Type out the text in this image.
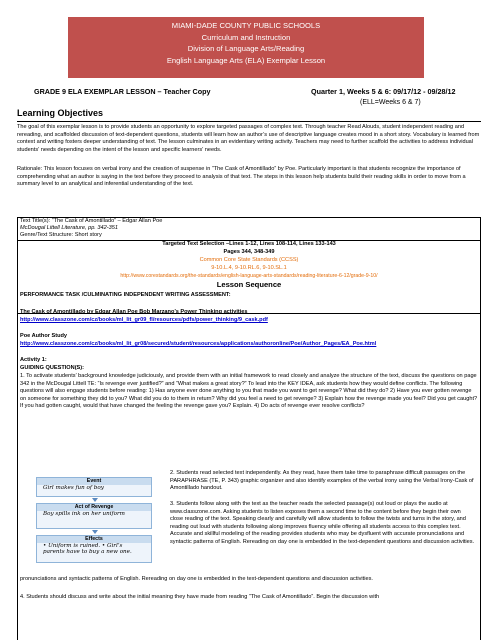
MIAMI-DADE COUNTY PUBLIC SCHOOLS
Curriculum and Instruction
Division of Language Arts/Reading
English Language Arts (ELA) Exemplar Lesson
GRADE 9 ELA EXEMPLAR LESSON – Teacher Copy	Quarter 1, Weeks 5 & 6: 09/17/12 - 09/28/12
(ELL=Weeks 6 & 7)
Learning Objectives

The goal of this exemplar lesson is to provide students an opportunity to explore targeted passages of complex text. Through teacher Read Alouds, student independent reading and rereading, and scaffolded discussion of text-dependent questions, students will learn how an author’s use of descriptive language creates mood in a short story. Vocabulary is learned from context and writing fosters deeper understanding of text. The lesson culminates in an evidentiary writing activity. Teachers may need to further scaffold the activities to address individual students’ needs depending on the intent of the lesson and specific learners’ needs.

Rationale: This lesson focuses on verbal irony and the creation of suspense in “The Cask of Amontillado” by Poe. Particularly important is that students recognize the importance of comprehending what an author is saying in the text before they proceed to analysis of that text. The steps in this lesson help students build their reading skills in order to move from a summary level to an analytical and inferential understanding of the text.

Text Title(s): “The Cask of Amontillado” – Edgar Allan Poe
McDougal Littell Literature, pp. 342-351
Genre/Text Structure: Short story
Targeted Text Selection –Lines 1-12, Lines 108-114, Lines 133-143
Pages 344, 348-349
Common Core State Standards (CCSS)
9-10.L.4, 9-10.RL.6, 9-10.SL.1
http://www.corestandards.org/the-standards/english-language-arts-standards/reading-literature-6-12/grade-9-10/
Lesson Sequence
PERFORMANCE TASK /CULMINATING INDEPENDENT WRITING ASSESSMENT:
The Cask of Amontillado by Edgar Allan Poe Bob Marzano’s Power Thinking activities
http://www.classzone.com/cz/books/ml_lit_gr09_fl/resources/pdfs/power_thinking/9_cask.pdf
Poe Author Study
http://www.classzone.com/cz/books/ml_lit_gr08/secured/student/resources/applications/authoronline/Poe/Author_Pages/EA_Poe.html
Activity 1:
GUIDING QUESTION(S):
1. To activate students’ background knowledge judiciously, and provide them with an initial framework to read closely and analyze the structure of the text, discuss the questions on page 342 in the McDougal Littell TE: “Is revenge ever justified?” and “What makes a great story?” To lead into the KEY IDEA, ask students how they would define conflicts. The following questions will also engage students before reading: 1) Has anyone ever done anything to you that made you want to get revenge? What did they do? 2) Have you ever gotten revenge on someone for something they did to you? What did you do to them in return? Why did you feel a need to get revenge? 3) Explain how the revenge made you feel? Did you get caught? If you had gotten caught, would that have changed the feeling the revenge gave you? Explain. 4) Do acts of revenge ever resolve conflicts?
Event
Girl makes fun of boy
Act of Revenge
Boy spills ink on her uniform
Effects
• Uniform is ruined. • Girl’s parents have to buy a new one.
2. Students read selected text independently. As they read, have them take time to paraphrase difficult passages on the PARAPHRASE (TE, P. 343) graphic organizer and also identify examples of the verbal irony using the Verbal Irony-Cask of Amontillado handout.
3. Students follow along with the text as the teacher reads the selected passage(s) out loud or plays the audio at www.classzone.com. Asking students to listen exposes them a second time to the content before they begin their own close reading of the text. Speaking clearly and carefully will allow students to follow the twists and turns in the story, and reading out loud with students following along improves fluency while offering all students access to this complex text. Accurate and skillful modeling of the reading provides students who may be dysfluent with accurate pronunciations and syntactic patterns of English. Rereading on day one is embedded in the text-dependent questions and discussion activities.
pronunciations and syntactic patterns of English. Rereading on day one is embedded in the text-dependent questions and discussion activities.
4. Students should discuss and write about the initial meaning they have made from reading “The Cask of Amontillado”. Begin the discussion with
